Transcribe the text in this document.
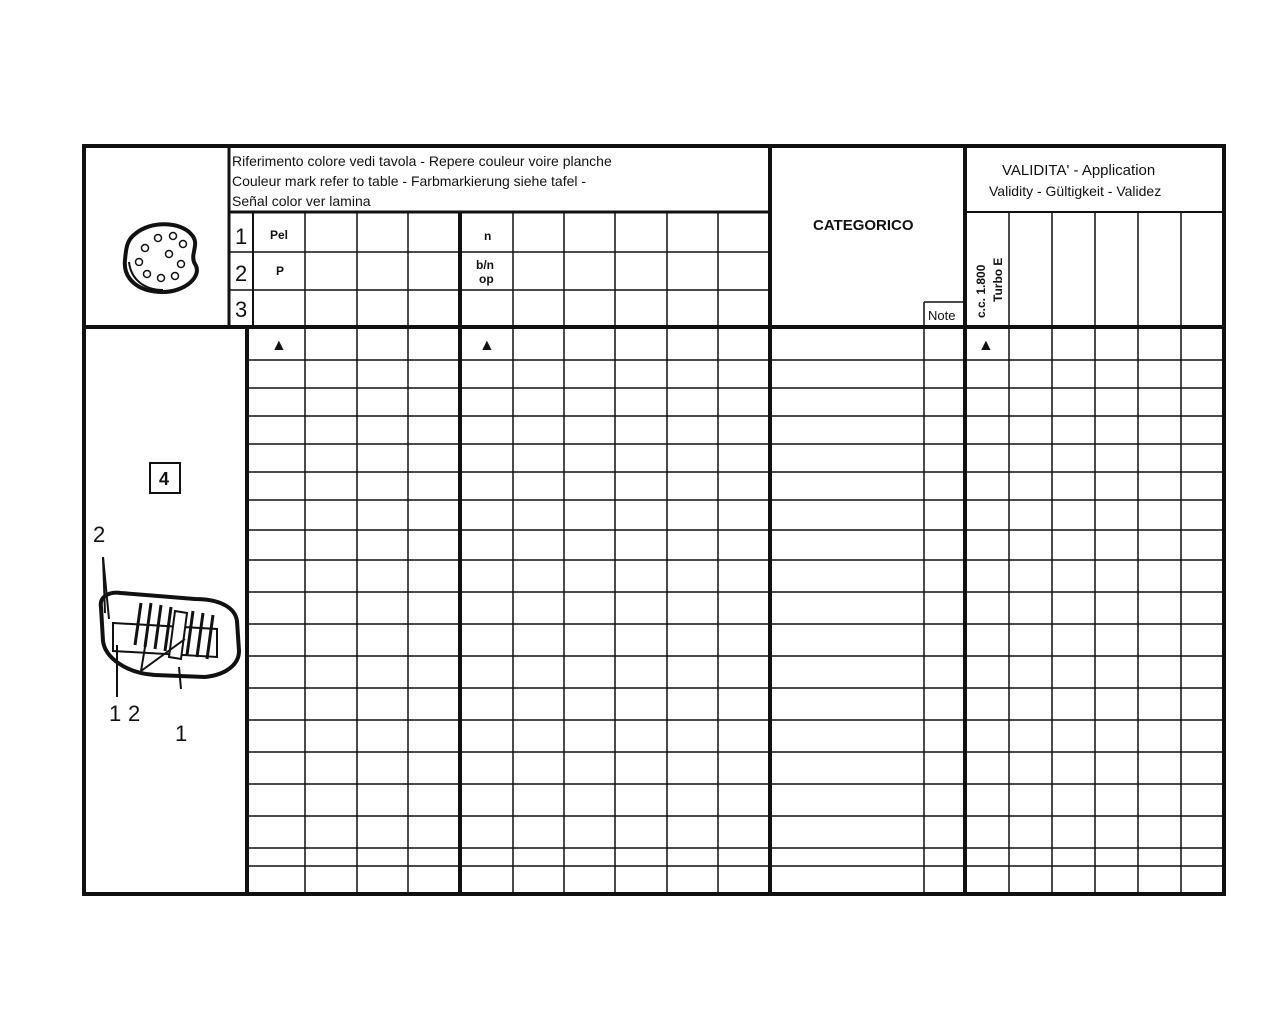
Riferimento colore vedi tavola - Repere couleur voire planche
Couleur mark refer to table - Farbmarkierung siehe tafel -
Señal color ver lamina
1
2
3
Pel
P
n
b/n
op
CATEGORICO
Note
VALIDITA' - Application
Validity - Gültigkeit - Validez
c.c. 1.800 Turbo E
▲	▲	▲
4
2
1 2
1
